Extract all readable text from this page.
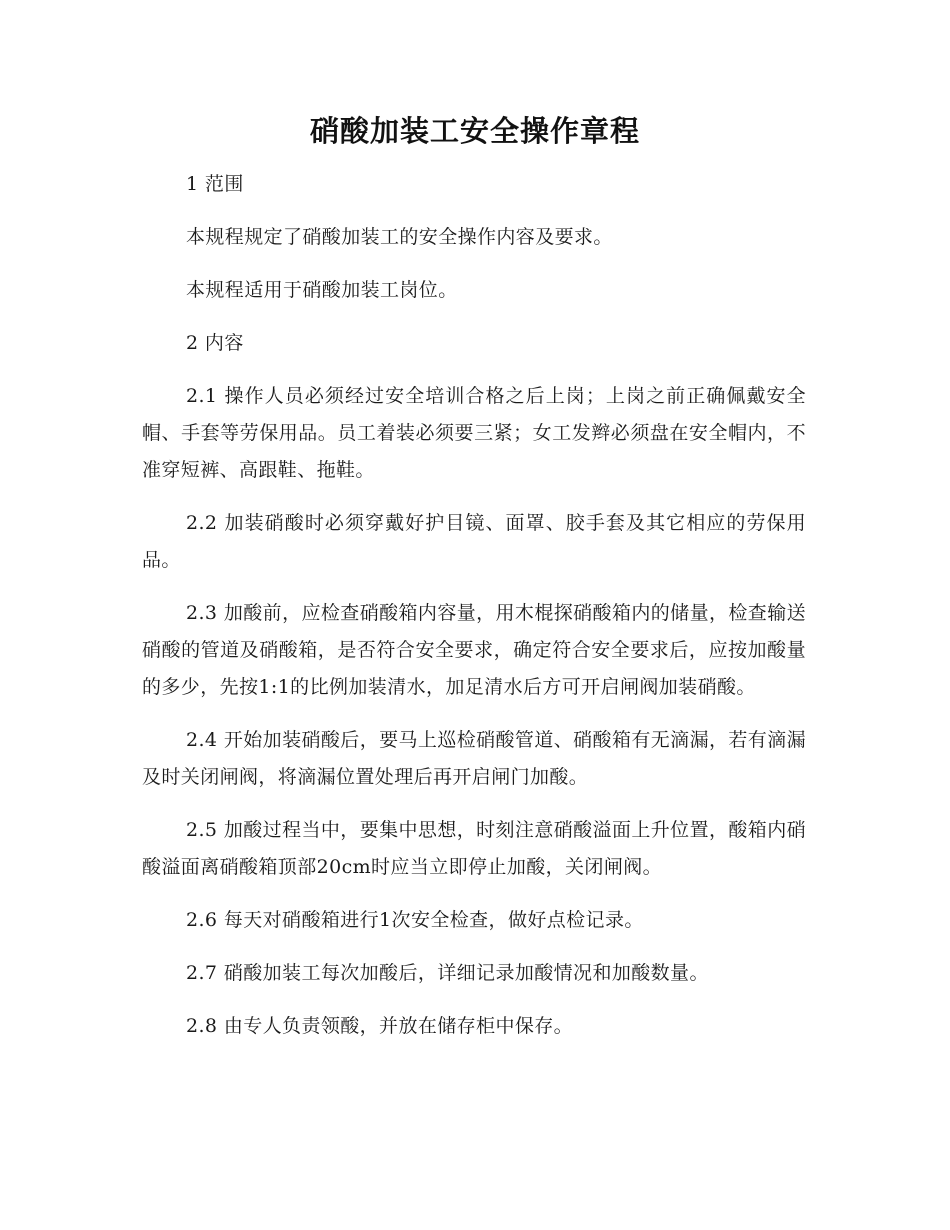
硝酸加装工安全操作章程

1 范围

本规程规定了硝酸加装工的安全操作内容及要求。

本规程适用于硝酸加装工岗位。

2 内容

2.1 操作人员必须经过安全培训合格之后上岗；上岗之前正确佩戴安全帽、手套等劳保用品。员工着装必须要三紧；女工发辫必须盘在安全帽内，不准穿短裤、高跟鞋、拖鞋。

2.2 加装硝酸时必须穿戴好护目镜、面罩、胶手套及其它相应的劳保用品。

2.3 加酸前，应检查硝酸箱内容量，用木棍探硝酸箱内的储量，检查输送硝酸的管道及硝酸箱，是否符合安全要求，确定符合安全要求后，应按加酸量的多少，先按1:1的比例加装清水，加足清水后方可开启闸阀加装硝酸。

2.4 开始加装硝酸后，要马上巡检硝酸管道、硝酸箱有无滴漏，若有滴漏及时关闭闸阀，将滴漏位置处理后再开启闸门加酸。

2.5 加酸过程当中，要集中思想，时刻注意硝酸溢面上升位置，酸箱内硝酸溢面离硝酸箱顶部20cm时应当立即停止加酸，关闭闸阀。

2.6 每天对硝酸箱进行1次安全检查，做好点检记录。

2.7 硝酸加装工每次加酸后，详细记录加酸情况和加酸数量。

2.8 由专人负责领酸，并放在储存柜中保存。
